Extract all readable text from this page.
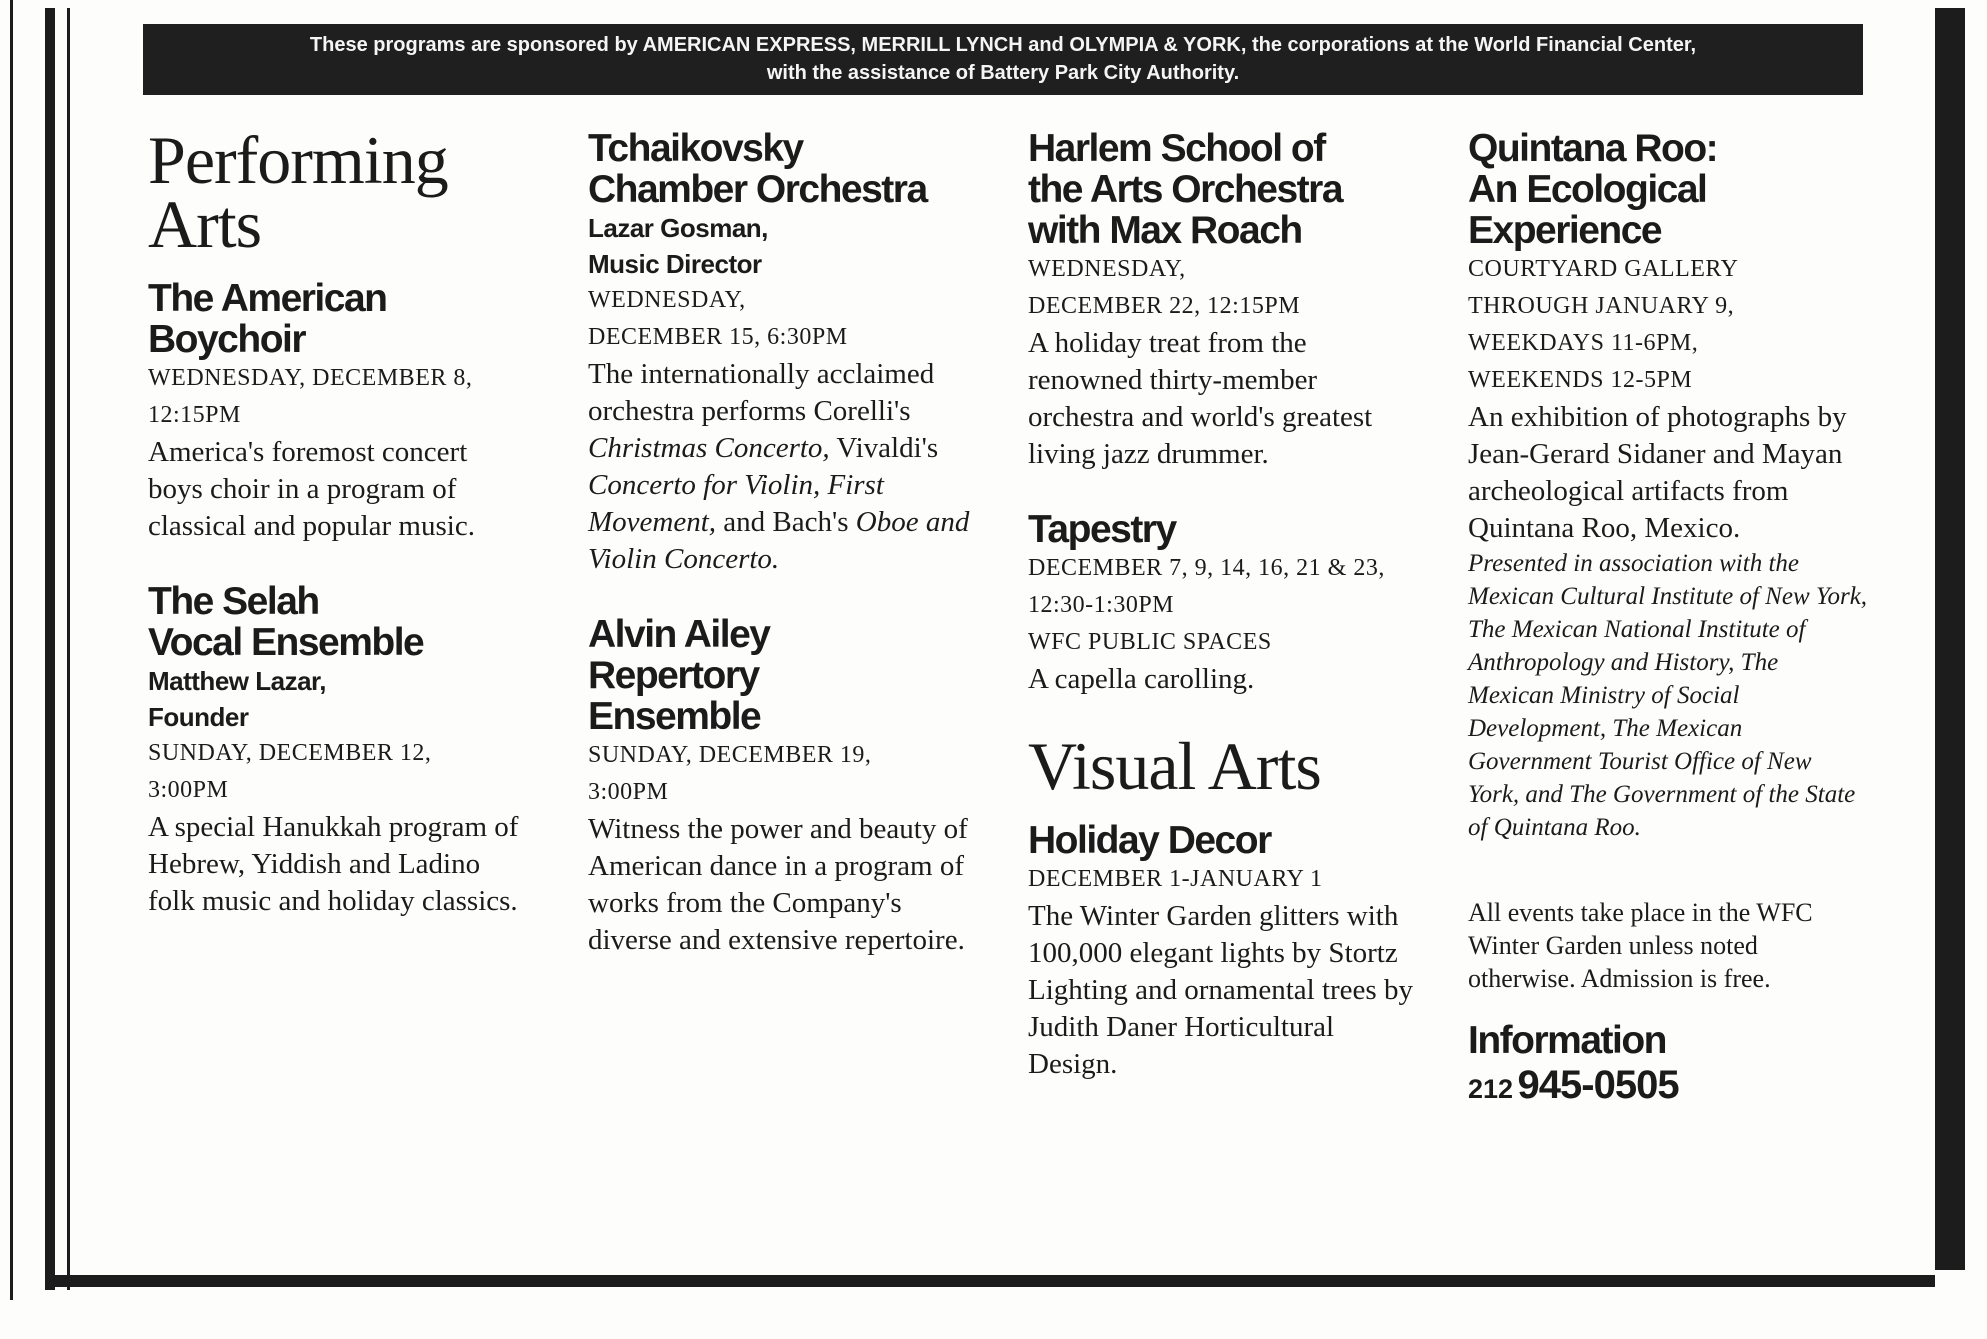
These programs are sponsored by AMERICAN EXPRESS, MERRILL LYNCH and OLYMPIA & YORK, the corporations at the World Financial Center,
with the assistance of Battery Park City Authority.
Performing
Arts
The American
Boychoir
WEDNESDAY, DECEMBER 8,
12:15PM
America's foremost concert boys choir in a program of classical and popular music.
The Selah
Vocal Ensemble
Matthew Lazar,
Founder
SUNDAY, DECEMBER 12,
3:00PM
A special Hanukkah program of Hebrew, Yiddish and Ladino folk music and holiday classics.
Tchaikovsky
Chamber Orchestra
Lazar Gosman,
Music Director
WEDNESDAY,
DECEMBER 15, 6:30PM
The internationally acclaimed orchestra performs Corelli's Christmas Concerto, Vivaldi's Concerto for Violin, First Movement, and Bach's Oboe and Violin Concerto.
Alvin Ailey
Repertory
Ensemble
SUNDAY, DECEMBER 19,
3:00PM
Witness the power and beauty of American dance in a program of works from the Company's diverse and extensive repertoire.
Harlem School of
the Arts Orchestra
with Max Roach
WEDNESDAY,
DECEMBER 22, 12:15PM
A holiday treat from the renowned thirty-member orchestra and world's greatest living jazz drummer.
Tapestry
DECEMBER 7, 9, 14, 16, 21 & 23,
12:30-1:30PM
WFC PUBLIC SPACES
A capella carolling.
Visual Arts
Holiday Decor
DECEMBER 1-JANUARY 1
The Winter Garden glitters with 100,000 elegant lights by Stortz Lighting and ornamental trees by Judith Daner Horticultural Design.
Quintana Roo:
An Ecological
Experience
COURTYARD GALLERY
THROUGH JANUARY 9,
WEEKDAYS 11-6PM,
WEEKENDS 12-5PM
An exhibition of photographs by Jean-Gerard Sidaner and Mayan archeological artifacts from Quintana Roo, Mexico.
Presented in association with the Mexican Cultural Institute of New York, The Mexican National Institute of Anthropology and History, The Mexican Ministry of Social Development, The Mexican Government Tourist Office of New York, and The Government of the State of Quintana Roo.
All events take place in the WFC Winter Garden unless noted otherwise. Admission is free.
Information
212 945-0505
